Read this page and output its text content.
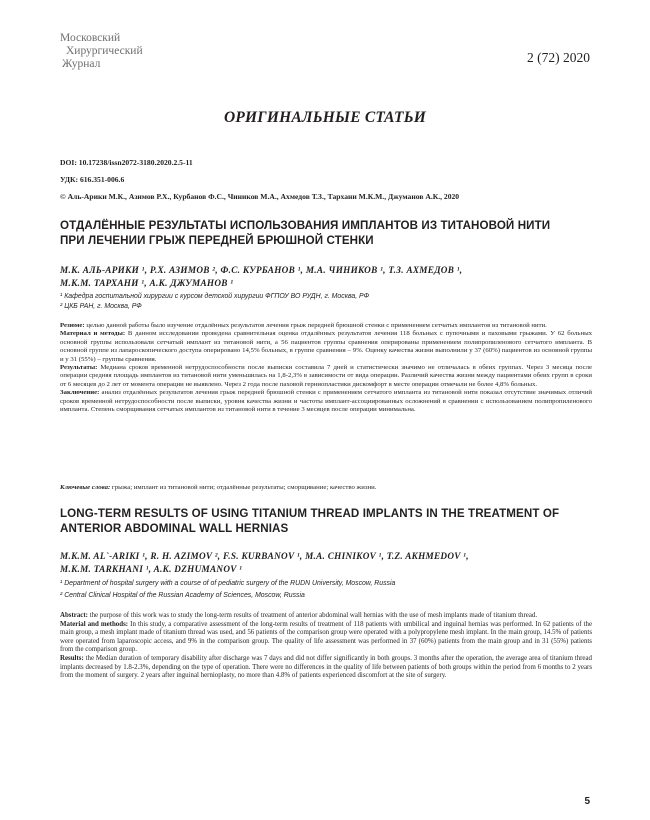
Московский
Хирургический
Журнал	2 (72) 2020
ОРИГИНАЛЬНЫЕ СТАТЬИ
DOI: 10.17238/issn2072-3180.2020.2.5-11
УДК: 616.351-006.6
© Аль-Арики М.К., Азимов Р.Х., Курбанов Ф.С., Чиников М.А., Ахмедов Т.З., Тархани М.К.М., Джуманов А.К., 2020
ОТДАЛЁННЫЕ РЕЗУЛЬТАТЫ ИСПОЛЬЗОВАНИЯ ИМПЛАНТОВ ИЗ ТИТАНОВОЙ НИТИ
ПРИ ЛЕЧЕНИИ ГРЫЖ ПЕРЕДНЕЙ БРЮШНОЙ СТЕНКИ
М.К. АЛЬ-АРИКИ ¹, Р.Х. АЗИМОВ ², Ф.С. КУРБАНОВ ¹, М.А. ЧИНИКОВ ¹, Т.З. АХМЕДОВ ¹,
М.К.М. ТАРХАНИ ¹, А.К. ДЖУМАНОВ ¹
¹ Кафедра госпитальной хирургии с курсом детской хирургии ФГПОУ ВО РУДН, г. Москва, РФ
² ЦКБ РАН, г. Москва, РФ

Резюме: целью данной работы было изучение отдалённых результатов лечения грыж передней брюшной стенки с применением сетчатых имплантов из титановой нити.

Материал и методы: В данном исследовании проведена сравнительная оценка отдалённых результатов лечения 118 больных с пупочными и паховыми грыжами. У 62 больных основной группы использовали сетчатый имплант из титановой нити, а 56 пациентов группы сравнения оперированы применением полипропиленового сетчатого импланта. В основной группе из лапароскопического доступа оперировано 14,5% больных, в группе сравнения – 9%. Оценку качества жизни выполнили у 37 (60%) пациентов из основной группы и у 31 (55%) – группы сравнения.

Результаты: Медиана сроков временной нетрудоспособности после выписки составила 7 дней и статистически значимо не отличалась в обеих группах. Через 3 месяца после операции средняя площадь имплантов из титановой нити уменьшилась на 1,8-2,3% в зависимости от вида операции. Различий качества жизни между пациентами обеих групп в сроки от 6 месяцев до 2 лет от момента операции не выявлено. Через 2 года после паховой герниопластики дискомфорт в месте операции отмечали не более 4,8% больных.

Заключение: анализ отдалённых результатов лечения грыж передней брюшной стенки с применением сетчатого импланта из титановой нити показал отсутствие значимых отличий сроков временной нетрудоспособности после выписки, уровня качества жизни и частоты имплант-ассоциированных осложнений в сравнении с использованием полипропиленового импланта. Степень сморщивания сетчатых имплантов из титановой нити в течение 3 месяцев после операции минимальна.

Ключевые слова: грыжа; имплант из титановой нити; отдалённые результаты; сморщивание; качество жизни.
LONG-TERM RESULTS OF USING TITANIUM THREAD IMPLANTS IN THE TREATMENT OF
ANTERIOR ABDOMINAL WALL HERNIAS
M.K.M. AL`-ARIKI ¹, R. H. AZIMOV ², F.S. KURBANOV ¹, M.A. CHINIKOV ¹, T.Z. AKHMEDOV ¹,
M.K.M. TARKHANI ¹, A.K. DZHUMANOV ¹
¹ Department of hospital surgery with a course of of pediatric surgery of the RUDN University, Moscow, Russia
² Central Clinical Hospital of the Russian Academy of Sciences, Moscow, Russia

Abstract: the purpose of this work was to study the long-term results of treatment of anterior abdominal wall hernias with the use of mesh implants made of titanium thread.

Material and methods: In this study, a comparative assessment of the long-term results of treatment of 118 patients with umbilical and inguinal hernias was performed. In 62 patients of the main group, a mesh implant made of titanium thread was used, and 56 patients of the comparison group were operated with a polypropylene mesh implant. In the main group, 14.5% of patients were operated from laparoscopic access, and 9% in the comparison group. The quality of life assessment was performed in 37 (60%) patients from the main group and in 31 (55%) patients from the comparison group.

Results: the Median duration of temporary disability after discharge was 7 days and did not differ significantly in both groups. 3 months after the operation, the average area of titanium thread implants decreased by 1.8-2.3%, depending on the type of operation. There were no differences in the quality of life between patients of both groups within the period from 6 months to 2 years from the moment of surgery. 2 years after inguinal hernioplasty, no more than 4.8% of patients experienced discomfort at the site of surgery.

5
